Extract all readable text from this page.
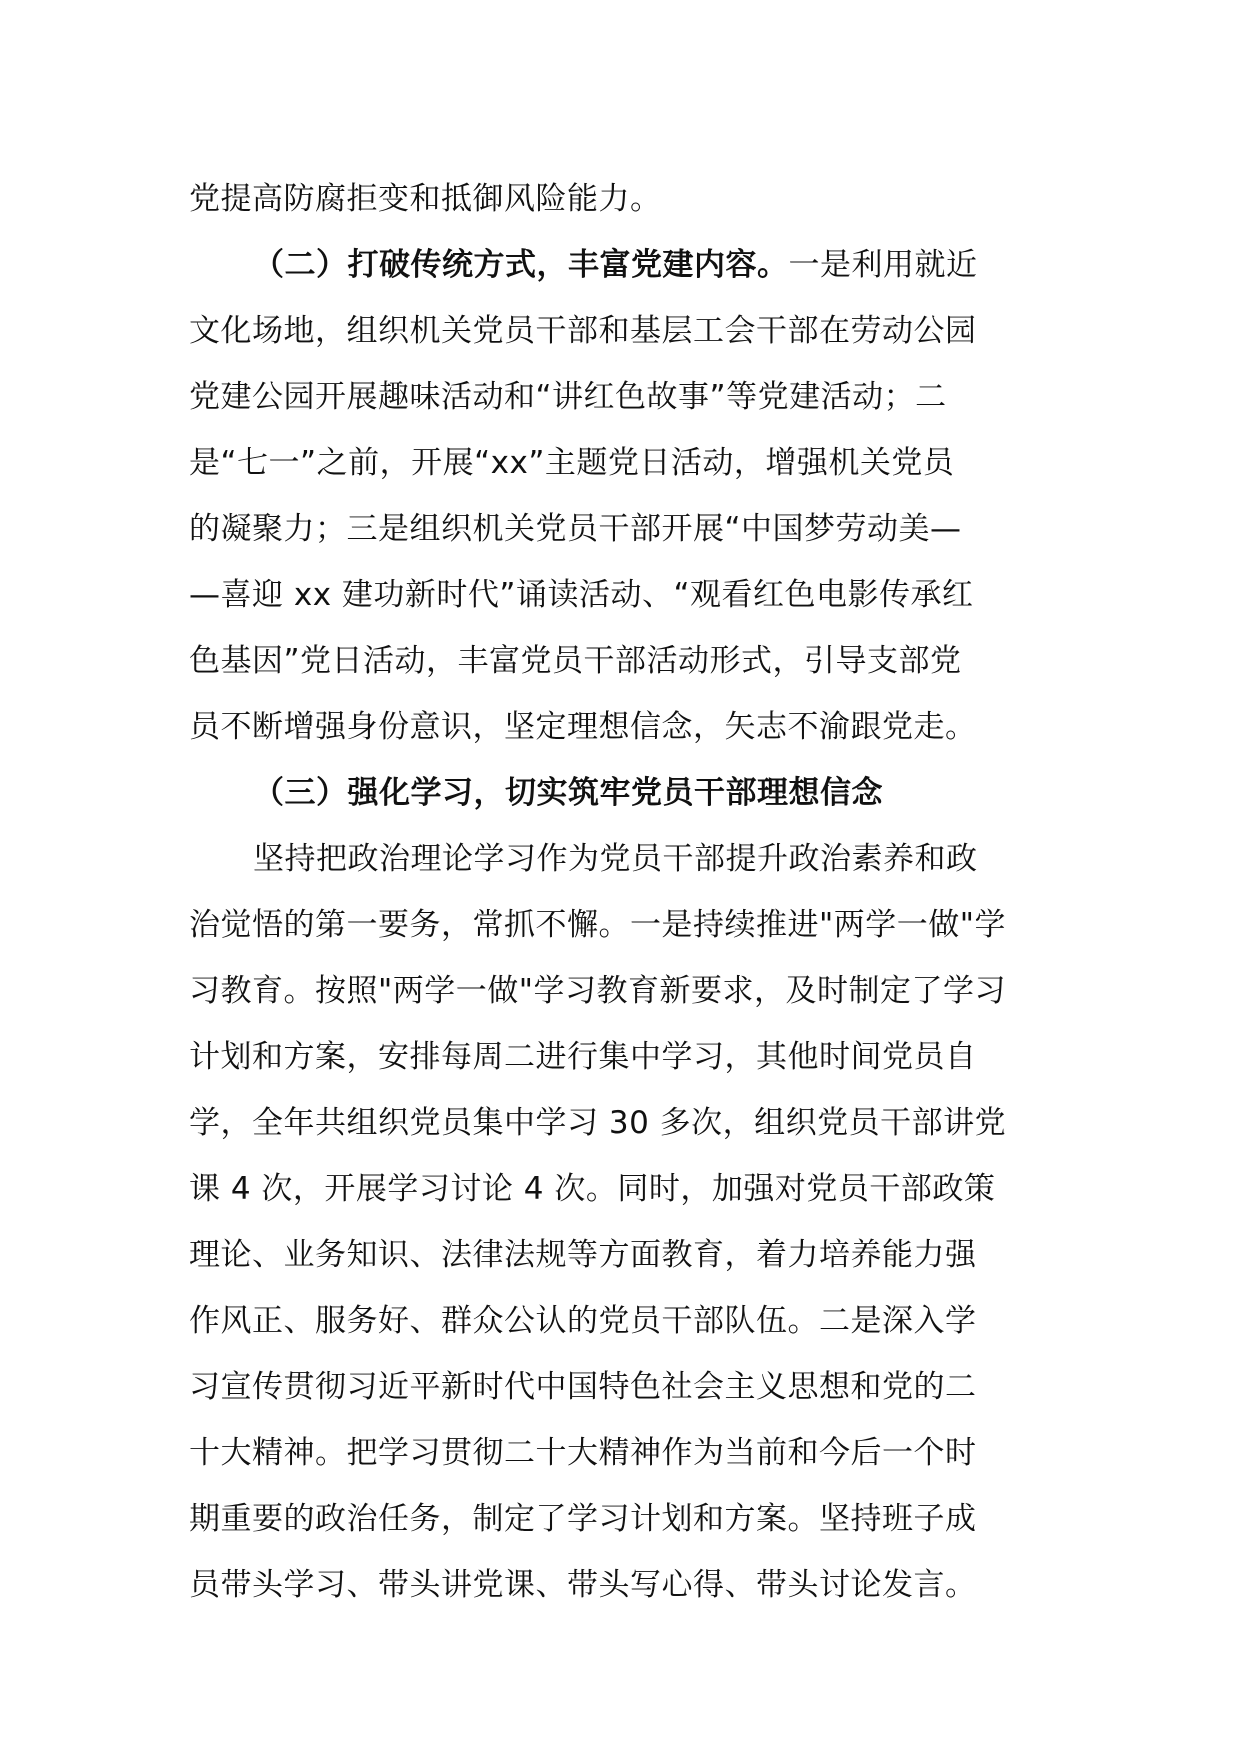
党提高防腐拒变和抵御风险能力。
（二）打破传统方式，丰富党建内容。一是利用就近
文化场地，组织机关党员干部和基层工会干部在劳动公园
党建公园开展趣味活动和“讲红色故事”等党建活动；二
是“七一”之前，开展“xx”主题党日活动，增强机关党员
的凝聚力；三是组织机关党员干部开展“中国梦劳动美—
—喜迎 xx 建功新时代”诵读活动、“观看红色电影传承红
色基因”党日活动，丰富党员干部活动形式，引导支部党
员不断增强身份意识，坚定理想信念，矢志不渝跟党走。
（三）强化学习，切实筑牢党员干部理想信念
坚持把政治理论学习作为党员干部提升政治素养和政
治觉悟的第一要务，常抓不懈。一是持续推进"两学一做"学
习教育。按照"两学一做"学习教育新要求，及时制定了学习
计划和方案，安排每周二进行集中学习，其他时间党员自
学，全年共组织党员集中学习 30 多次，组织党员干部讲党
课 4 次，开展学习讨论 4 次。同时，加强对党员干部政策
理论、业务知识、法律法规等方面教育，着力培养能力强
作风正、服务好、群众公认的党员干部队伍。二是深入学
习宣传贯彻习近平新时代中国特色社会主义思想和党的二
十大精神。把学习贯彻二十大精神作为当前和今后一个时
期重要的政治任务，制定了学习计划和方案。坚持班子成
员带头学习、带头讲党课、带头写心得、带头讨论发言。
